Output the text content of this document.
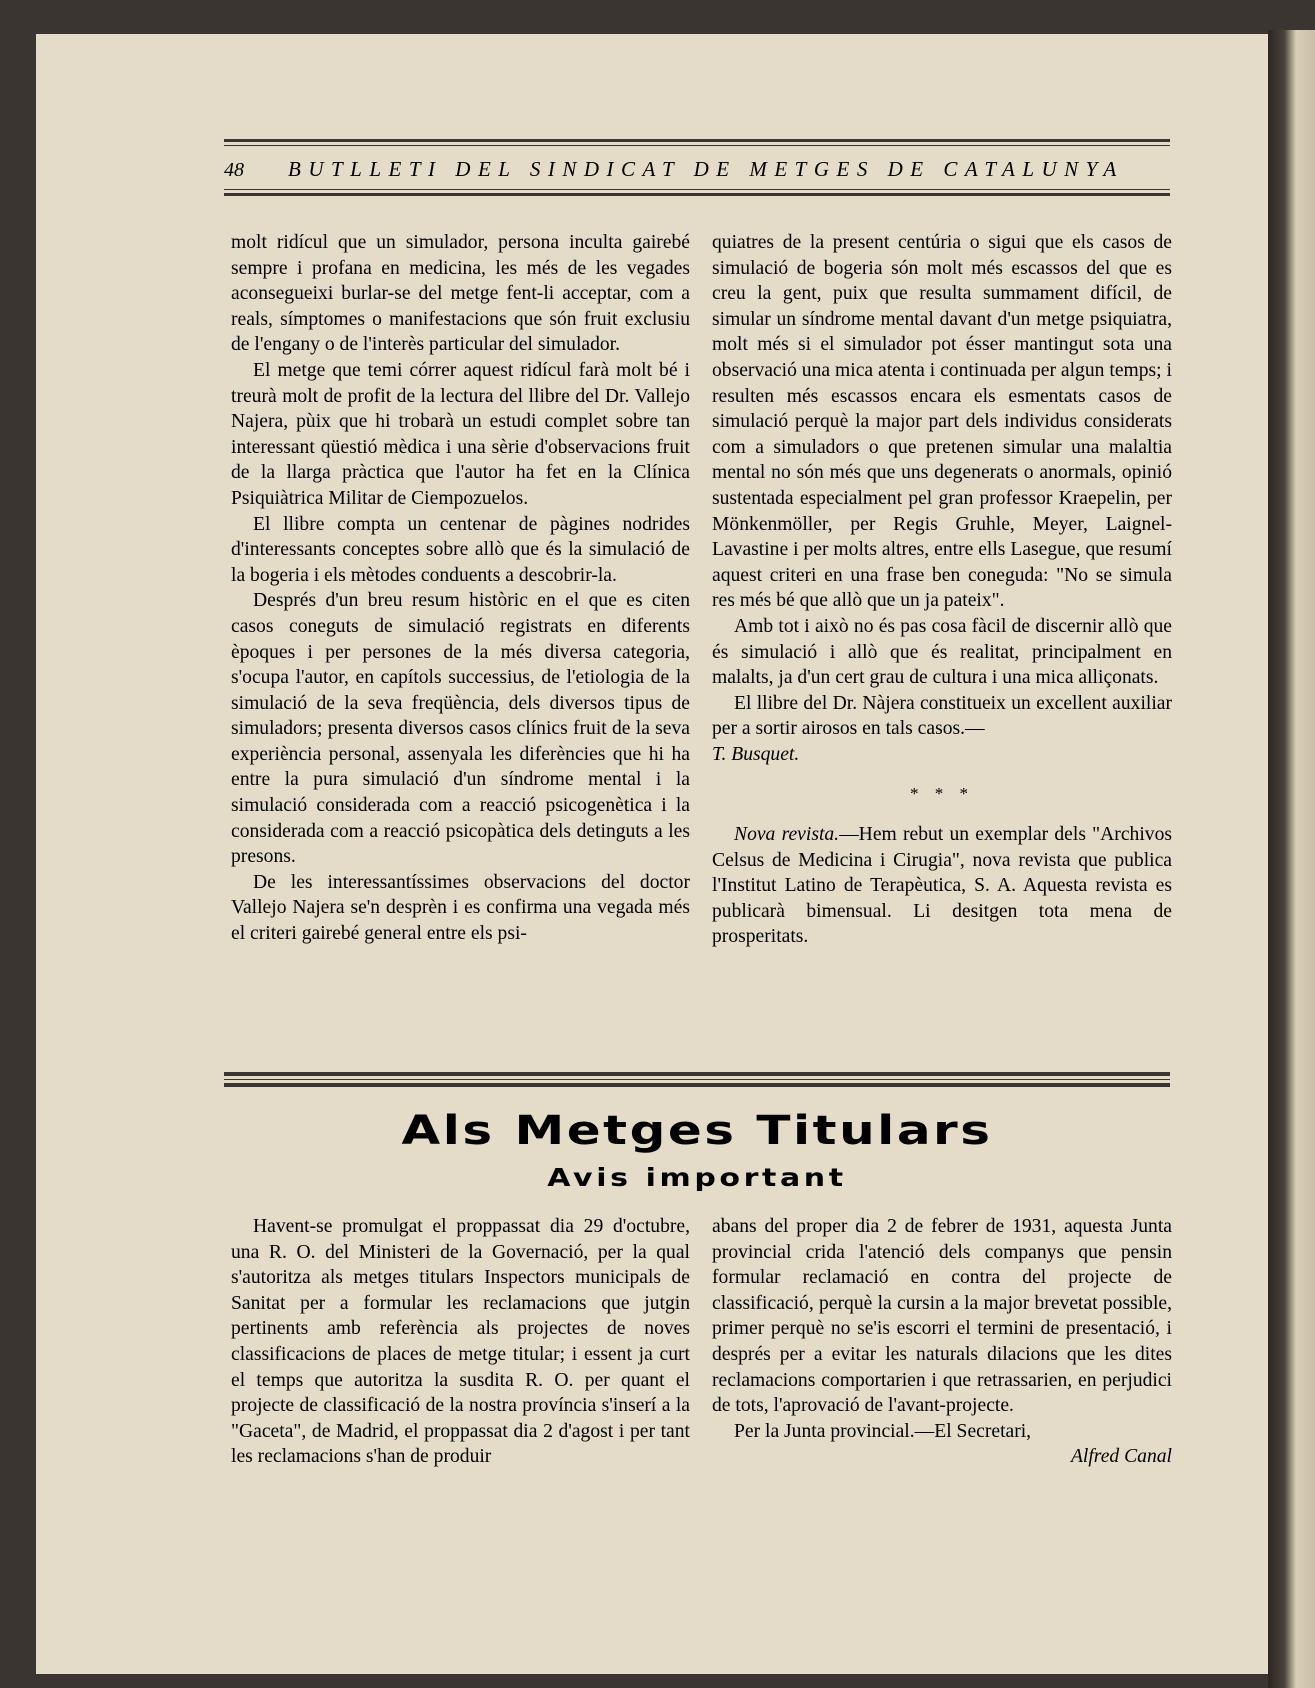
48 BUTLLETI DEL SINDICAT DE METGES DE CATALUNYA

molt ridícul que un simulador, persona inculta gairebé sempre i profana en medicina, les més de les vegades aconsegueixi burlar-se del metge fent-li acceptar, com a reals, símptomes o manifestacions que són fruit exclusiu de l'engany o de l'interès particular del simulador.

El metge que temi córrer aquest ridícul farà molt bé i treurà molt de profit de la lectura del llibre del Dr. Vallejo Najera, pùix que hi trobarà un estudi complet sobre tan interessant qüestió mèdica i una sèrie d'observacions fruit de la llarga pràctica que l'autor ha fet en la Clínica Psiquiàtrica Militar de Ciempozuelos.

El llibre compta un centenar de pàgines nodrides d'interessants conceptes sobre allò que és la simulació de la bogeria i els mètodes conduents a descobrir-la.

Després d'un breu resum històric en el que es citen casos coneguts de simulació registrats en diferents èpoques i per persones de la més diversa categoria, s'ocupa l'autor, en capítols successius, de l'etiologia de la simulació de la seva freqüència, dels diversos tipus de simuladors; presenta diversos casos clínics fruit de la seva experiència personal, assenyala les diferències que hi ha entre la pura simulació d'un síndrome mental i la simulació considerada com a reacció psicogenètica i la considerada com a reacció psicopàtica dels detinguts a les presons.

De les interessantíssimes observacions del doctor Vallejo Najera se'n desprèn i es confirma una vegada més el criteri gairebé general entre els psi-

quiatres de la present centúria o sigui que els casos de simulació de bogeria són molt més escassos del que es creu la gent, puix que resulta summament difícil, de simular un síndrome mental davant d'un metge psiquiatra, molt més si el simulador pot ésser mantingut sota una observació una mica atenta i continuada per algun temps; i resulten més escassos encara els esmentats casos de simulació perquè la major part dels individus considerats com a simuladors o que pretenen simular una malaltia mental no són més que uns degenerats o anormals, opinió sustentada especialment pel gran professor Kraepelin, per Mönkenmöller, per Regis Gruhle, Meyer, Laignel-Lavastine i per molts altres, entre ells Lasegue, que resumí aquest criteri en una frase ben coneguda: "No se simula res més bé que allò que un ja pateix".

Amb tot i això no és pas cosa fàcil de discernir allò que és simulació i allò que és realitat, principalment en malalts, ja d'un cert grau de cultura i una mica alliçonats.

El llibre del Dr. Nàjera constitueix un excellent auxiliar per a sortir airosos en tals casos.—

T. Busquet.

* * *

Nova revista.—Hem rebut un exemplar dels "Archivos Celsus de Medicina i Cirugia", nova revista que publica l'Institut Latino de Terapèutica, S. A. Aquesta revista es publicarà bimensual. Li desitgen tota mena de prosperitats.

Als Metges Titulars
Avis important

Havent-se promulgat el proppassat dia 29 d'octubre, una R. O. del Ministeri de la Governació, per la qual s'autoritza als metges titulars Inspectors municipals de Sanitat per a formular les reclamacions que jutgin pertinents amb referència als projectes de noves classificacions de places de metge titular; i essent ja curt el temps que autoritza la susdita R. O. per quant el projecte de classificació de la nostra província s'inserí a la "Gaceta", de Madrid, el proppassat dia 2 d'agost i per tant les reclamacions s'han de produir

abans del proper dia 2 de febrer de 1931, aquesta Junta provincial crida l'atenció dels companys que pensin formular reclamació en contra del projecte de classificació, perquè la cursin a la major brevetat possible, primer perquè no se'is escorri el termini de presentació, i després per a evitar les naturals dilacions que les dites reclamacions comportarien i que retrassarien, en perjudici de tots, l'aprovació de l'avant-projecte.

Per la Junta provincial.—El Secretari,

Alfred Canal
